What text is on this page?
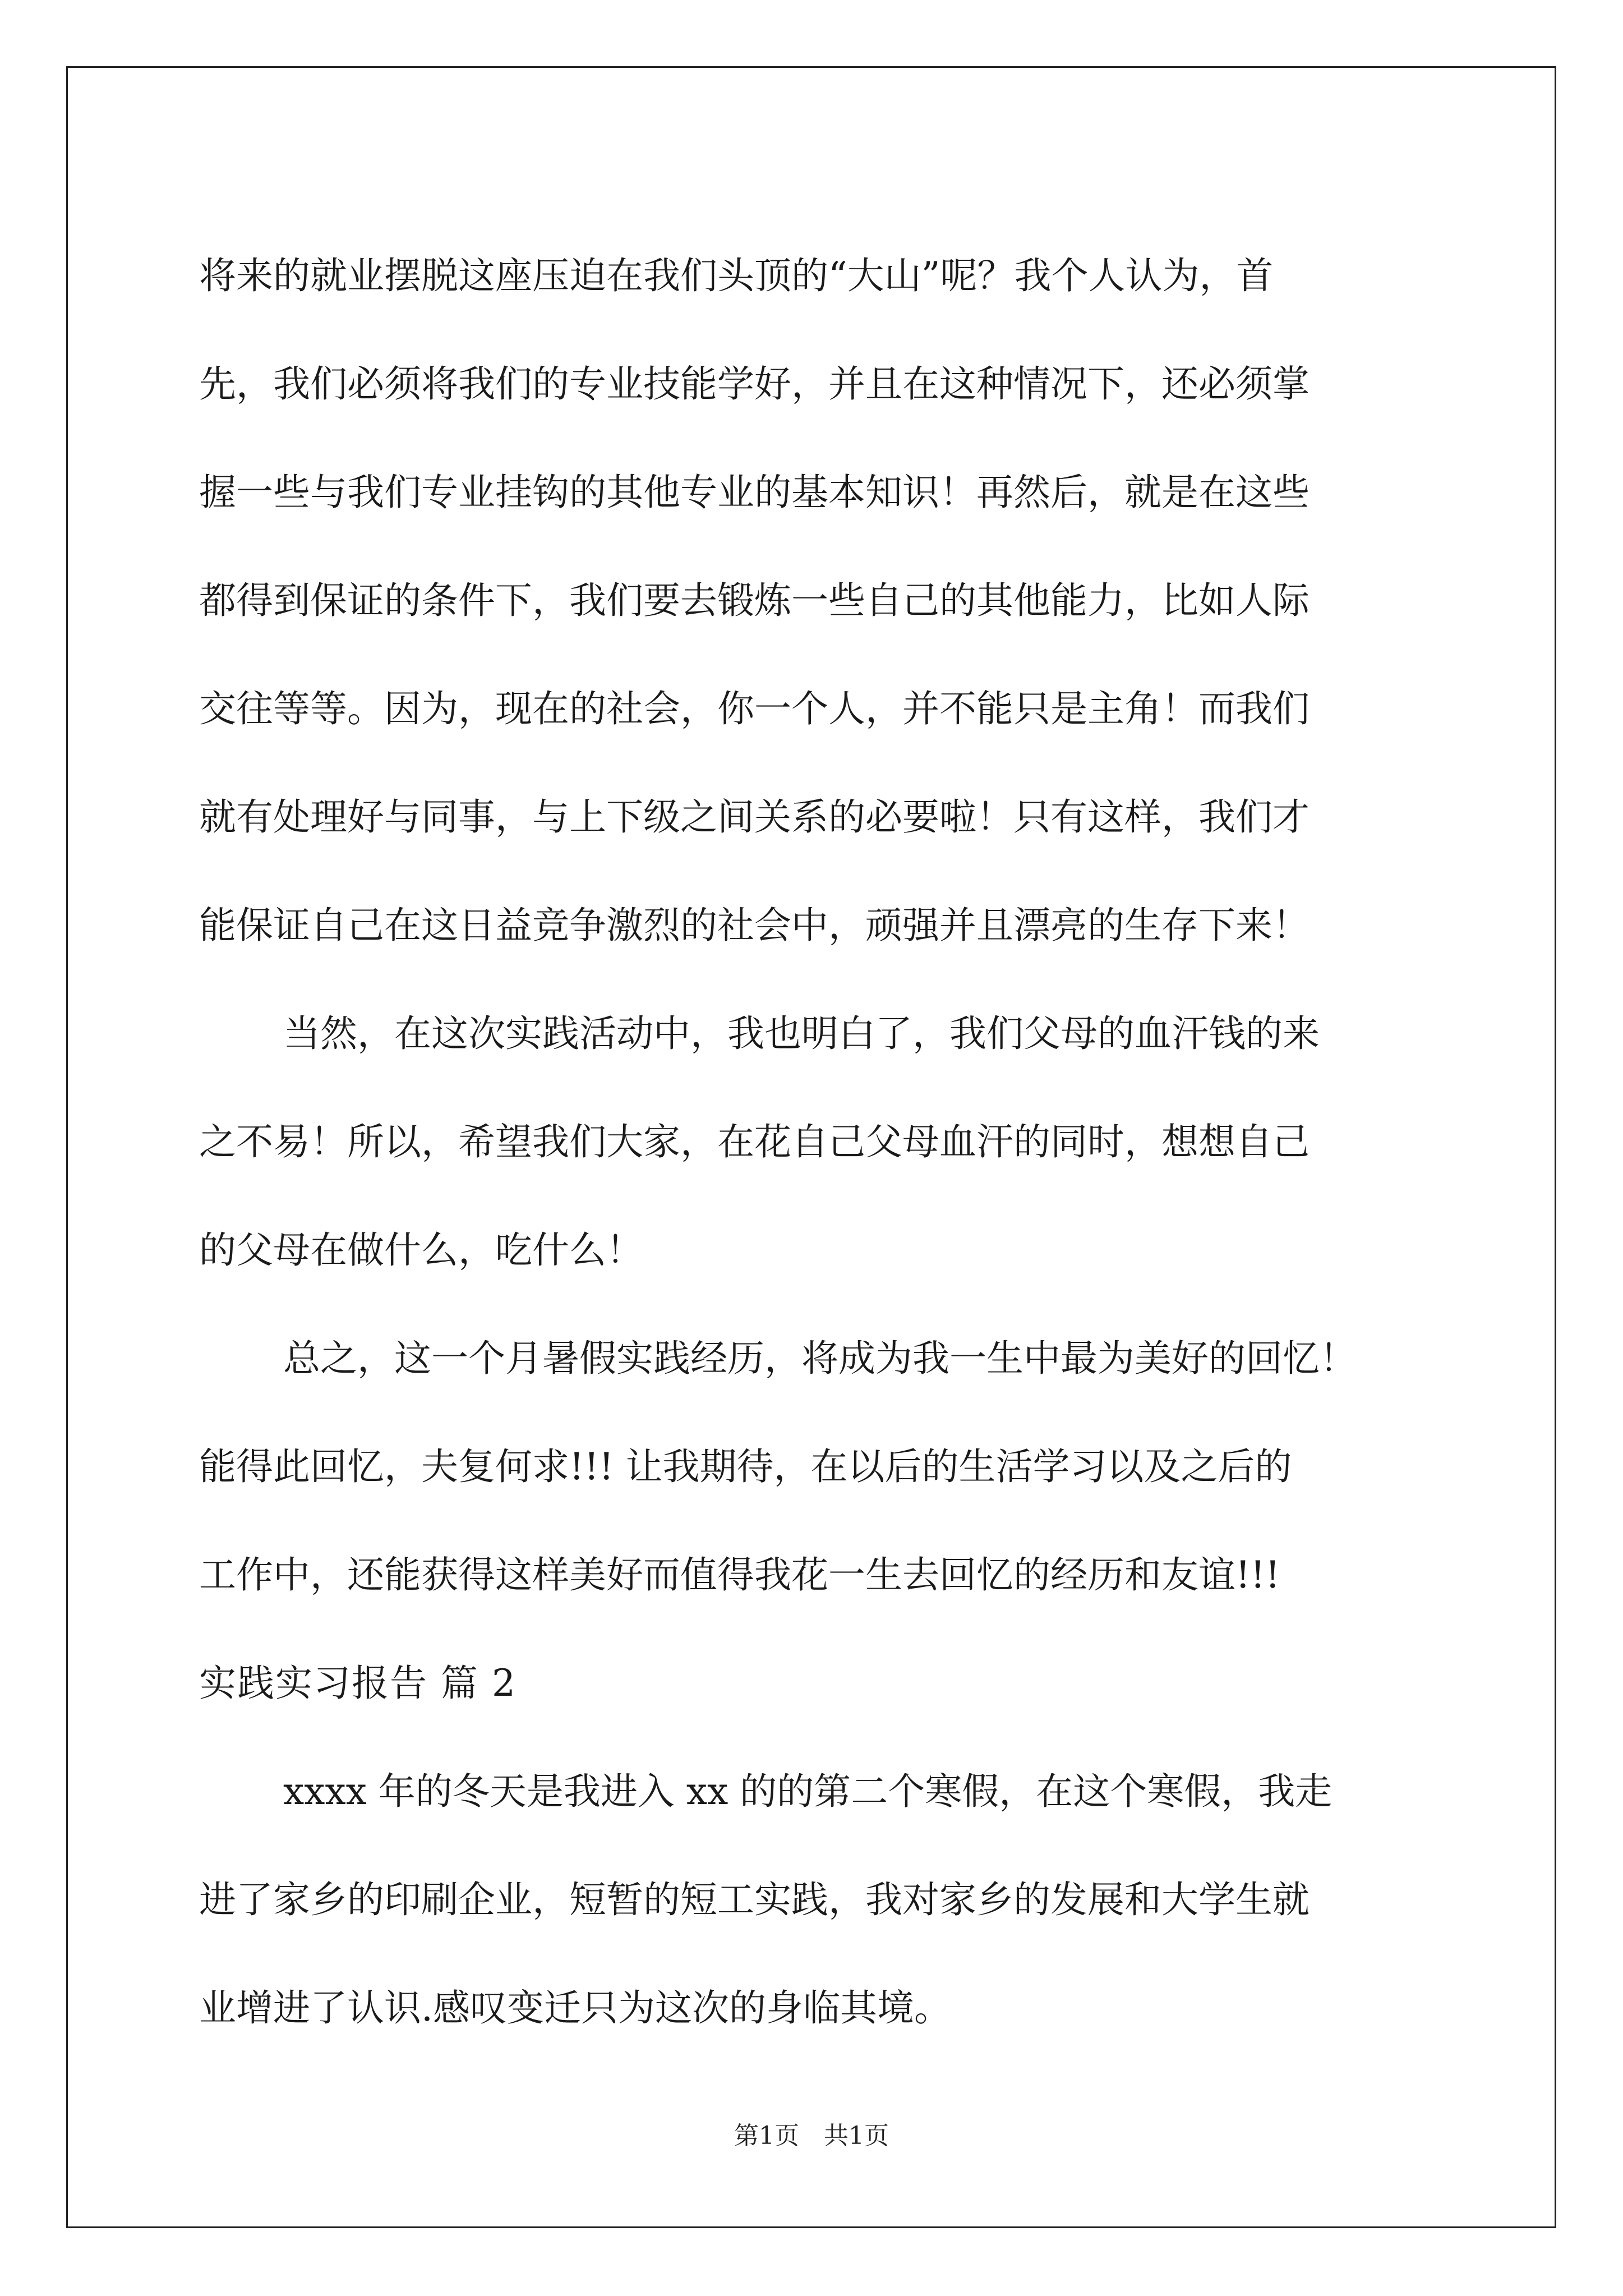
将来的就业摆脱这座压迫在我们头顶的“大山”呢？我个人认为，首
先，我们必须将我们的专业技能学好，并且在这种情况下，还必须掌
握一些与我们专业挂钩的其他专业的基本知识！再然后，就是在这些
都得到保证的条件下，我们要去锻炼一些自己的其他能力，比如人际
交往等等。因为，现在的社会，你一个人，并不能只是主角！而我们
就有处理好与同事，与上下级之间关系的必要啦！只有这样，我们才
能保证自己在这日益竞争激烈的社会中，顽强并且漂亮的生存下来！
当然，在这次实践活动中，我也明白了，我们父母的血汗钱的来
之不易！所以，希望我们大家，在花自己父母血汗的同时，想想自己
的父母在做什么，吃什么！
总之，这一个月暑假实践经历，将成为我一生中最为美好的回忆！
能得此回忆，夫复何求!!! 让我期待，在以后的生活学习以及之后的
工作中，还能获得这样美好而值得我花一生去回忆的经历和友谊!!!
实践实习报告 篇 2
xxxx 年的冬天是我进入 xx 的的第二个寒假，在这个寒假，我走
进了家乡的印刷企业，短暂的短工实践，我对家乡的发展和大学生就
业增进了认识.感叹变迁只为这次的身临其境。
第1页　共1页
